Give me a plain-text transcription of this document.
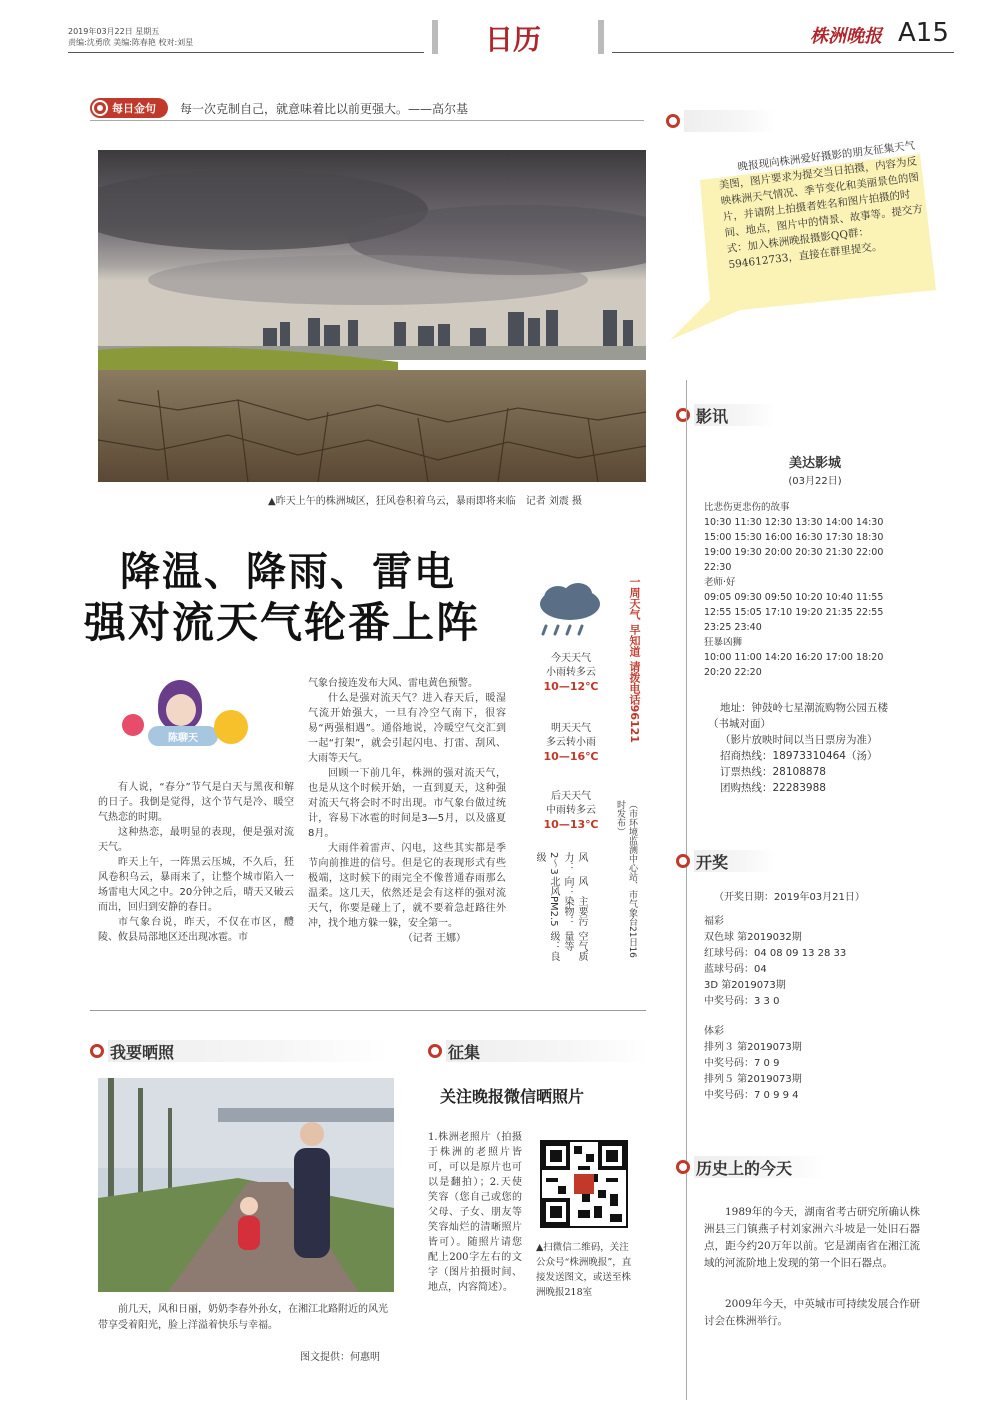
2019年03月22日 星期五
责编:沈勇欣 美编:陈春艳 校对:刘星	日历	株洲晚报 A15
每日金句 每一次克制自己，就意味着比以前更强大。——高尔基
▲昨天上午的株洲城区，狂风卷积着乌云，暴雨即将来临　记者 刘震 摄
降温、降雨、雷电
强对流天气轮番上阵
陈聊天

有人说，“春分”节气是白天与黑夜和解的日子。我倒是觉得，这个节气是冷、暖空气热恋的时期。

这种热恋，最明显的表现，便是强对流天气。

昨天上午，一阵黑云压城，不久后，狂风卷积乌云，暴雨来了，让整个城市陷入一场雷电大风之中。20分钟之后，晴天又破云而出，回归到安静的春日。

市气象台说，昨天，不仅在市区，醴陵、攸县局部地区还出现冰雹。市

气象台接连发布大风、雷电黄色预警。

什么是强对流天气？进入春天后，暖湿气流开始强大，一旦有冷空气南下，很容易“两强相遇”。通俗地说，冷暖空气交汇到一起“打架”，就会引起闪电、打雷、刮风、大雨等天气。

回顾一下前几年，株洲的强对流天气，也是从这个时候开始，一直到夏天，这种强对流天气将会时不时出现。市气象台做过统计，容易下冰雹的时间是3—5月，以及盛夏8月。

大雨伴着雷声、闪电，这些其实都是季节向前推进的信号。但是它的表现形式有些极端，这时候下的雨完全不像普通春雨那么温柔。这几天，依然还是会有这样的强对流天气，你要是碰上了，就不要着急赶路往外冲，找个地方躲一躲，安全第一。

（记者 王娜）

今天天气
小雨转多云
10—12℃
明天天气
多云转小雨
10—16℃
后天天气
中雨转多云
10—13℃
风力：2～3级
风向：北风
主要污染物：PM2.5
空气质量等级：良
一周天气 早知道 请拨电话96121
（市环境监测中心站、市气象台21日16时发布）
我要晒照
前几天，风和日丽，奶奶李春外孙女，在湘江北路附近的风光带享受着阳光，脸上洋溢着快乐与幸福。
图文提供：何惠明
征集
关注晚报微信晒照片
1.株洲老照片（拍摄于株洲的老照片皆可，可以是原片也可以是翻拍）；2.天使笑容（您自己或您的父母、子女、朋友等笑容灿烂的清晰照片皆可）。随照片请您配上200字左右的文字（图片拍摄时间、地点，内容简述）。
▲扫微信二维码，关注公众号“株洲晚报”，直接发送图文，或送至株洲晚报218室
晚报现向株洲爱好摄影的朋友征集天气美图，图片要求为提交当日拍摄，内容为反映株洲天气情况、季节变化和美丽景色的图片，并请附上拍摄者姓名和图片拍摄的时间、地点，图片中的情景、故事等。提交方式：加入株洲晚报摄影QQ群：594612733，直接在群里提交。
影讯
美达影城
(03月22日)
比悲伤更悲伤的故事
10:30 11:30 12:30 13:30 14:00 14:30
15:00 15:30 16:00 16:30 17:30 18:30
19:00 19:30 20:00 20:30 21:30 22:00
22:30
老师·好
09:05 09:30 09:50 10:20 10:40 11:55
12:55 15:05 17:10 19:20 21:35 22:55
23:25 23:40
狂暴凶狮
10:00 11:00 14:20 16:20 17:00 18:20
20:20 22:20
地址：钟鼓岭七星潮流购物公园五楼
（书城对面）
（影片放映时间以当日票房为准）
招商热线：18973310464（汤）
订票热线：28108878
团购热线：22283988
开奖
（开奖日期：2019年03月21日）
福彩
双色球 第2019032期
红球号码：04 08 09 13 28 33
蓝球号码：04
3D 第2019073期
中奖号码：3 3 0
体彩
排列３ 第2019073期
中奖号码：7 0 9
排列５ 第2019073期
中奖号码：7 0 9 9 4
历史上的今天
1989年的今天，湖南省考古研究所确认株洲县三门镇燕子村刘家洲六斗坡是一处旧石器点，距今约20万年以前。它是湖南省在湘江流域的河流阶地上发现的第一个旧石器点。
2009年今天，中英城市可持续发展合作研讨会在株洲举行。
